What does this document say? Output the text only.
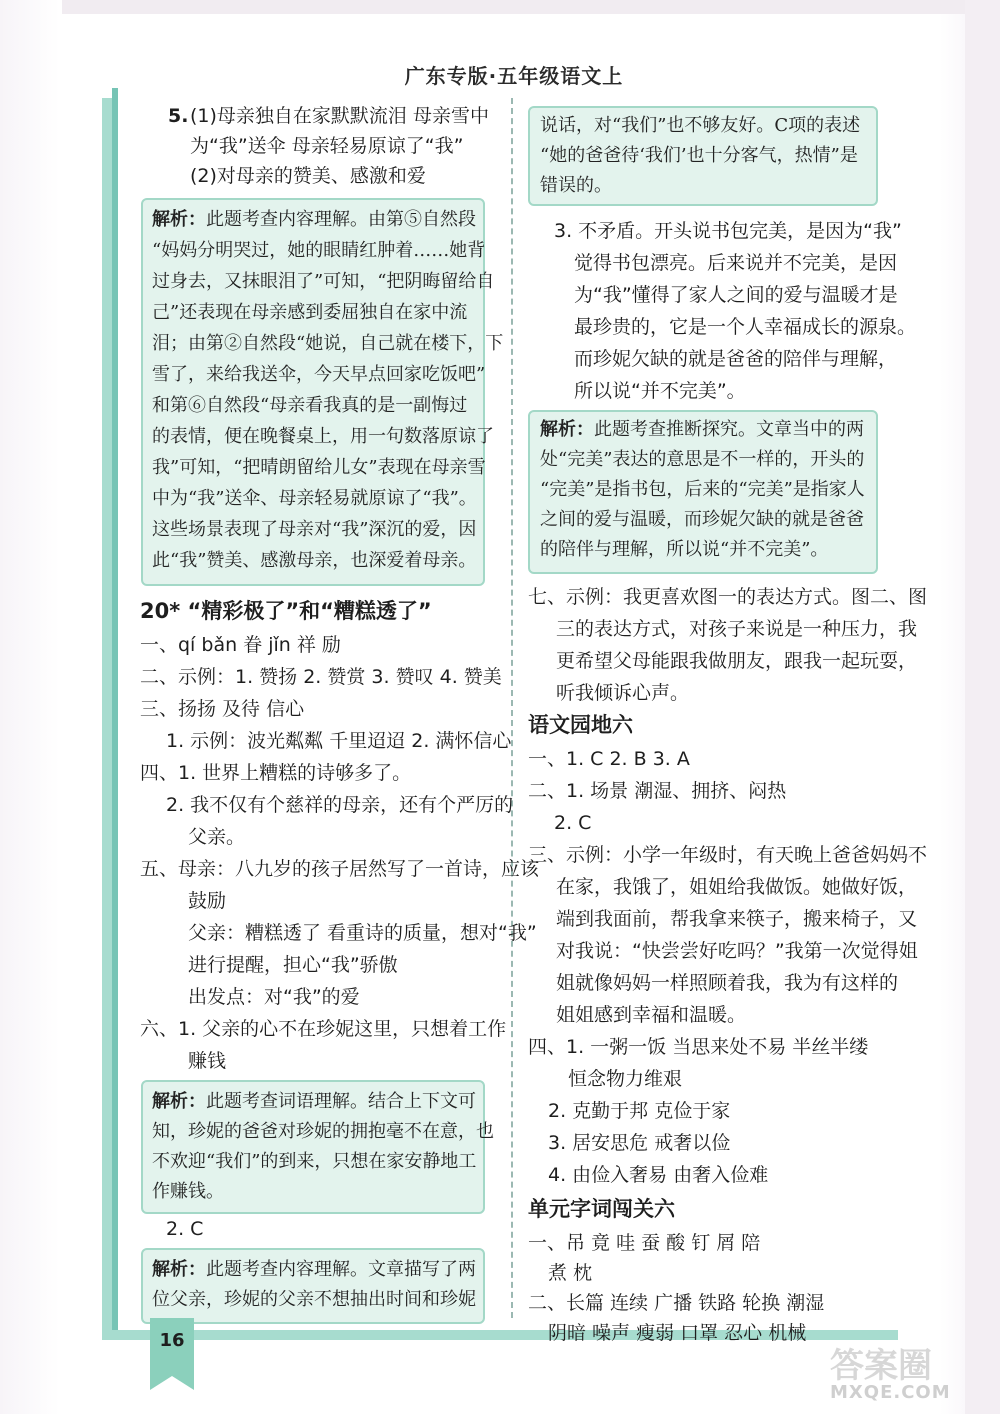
广东专版·五年级语文上
5. (1)母亲独自在家默默流泪 母亲雪中
为“我”送伞 母亲轻易原谅了“我”
(2)对母亲的赞美、感激和爱
解析：此题考查内容理解。由第⑤自然段
“妈妈分明哭过，她的眼睛红肿着……她背
过身去，又抹眼泪了”可知，“把阴晦留给自
己”还表现在母亲感到委屈独自在家中流
泪；由第②自然段“她说，自己就在楼下，下
雪了，来给我送伞，今天早点回家吃饭吧”
和第⑥自然段“母亲看我真的是一副悔过
的表情，便在晚餐桌上，用一句数落原谅了
我”可知，“把晴朗留给儿女”表现在母亲雪
中为“我”送伞、母亲轻易就原谅了“我”。
这些场景表现了母亲对“我”深沉的爱，因
此“我”赞美、感激母亲，也深爱着母亲。
20* “精彩极了”和“糟糕透了”
一、qí bǎn 眷 jǐn 祥 励
二、示例：1. 赞扬 2. 赞赏 3. 赞叹 4. 赞美
三、扬扬 及待 信心
1. 示例：波光粼粼 千里迢迢 2. 满怀信心
四、1. 世界上糟糕的诗够多了。
2. 我不仅有个慈祥的母亲，还有个严厉的
父亲。
五、母亲：八九岁的孩子居然写了一首诗，应该
鼓励
父亲：糟糕透了 看重诗的质量，想对“我”
进行提醒，担心“我”骄傲
出发点：对“我”的爱
六、1. 父亲的心不在珍妮这里，只想着工作
赚钱
解析：此题考查词语理解。结合上下文可
知，珍妮的爸爸对珍妮的拥抱毫不在意，也
不欢迎“我们”的到来，只想在家安静地工
作赚钱。
2. C
解析：此题考查内容理解。文章描写了两
位父亲，珍妮的父亲不想抽出时间和珍妮
说话，对“我们”也不够友好。C项的表述
“她的爸爸待‘我们’也十分客气，热情”是
错误的。
3. 不矛盾。开头说书包完美，是因为“我”
觉得书包漂亮。后来说并不完美，是因
为“我”懂得了家人之间的爱与温暖才是
最珍贵的，它是一个人幸福成长的源泉。
而珍妮欠缺的就是爸爸的陪伴与理解，
所以说“并不完美”。
解析：此题考查推断探究。文章当中的两
处“完美”表达的意思是不一样的，开头的
“完美”是指书包，后来的“完美”是指家人
之间的爱与温暖，而珍妮欠缺的就是爸爸
的陪伴与理解，所以说“并不完美”。
七、示例：我更喜欢图一的表达方式。图二、图
三的表达方式，对孩子来说是一种压力，我
更希望父母能跟我做朋友，跟我一起玩耍，
听我倾诉心声。
语文园地六
一、1. C 2. B 3. A
二、1. 场景 潮湿、拥挤、闷热
2. C
三、示例：小学一年级时，有天晚上爸爸妈妈不
在家，我饿了，姐姐给我做饭。她做好饭，
端到我面前，帮我拿来筷子，搬来椅子，又
对我说：“快尝尝好吃吗？”我第一次觉得姐
姐就像妈妈一样照顾着我，我为有这样的
姐姐感到幸福和温暖。
四、1. 一粥一饭 当思来处不易 半丝半缕
恒念物力维艰
2. 克勤于邦 克俭于家
3. 居安思危 戒奢以俭
4. 由俭入奢易 由奢入俭难
单元字词闯关六
一、吊 竟 哇 蚕 酸 钉 屑 陪
煮 枕
二、长篇 连续 广播 铁路 轮换 潮湿
阴暗 噪声 瘦弱 口罩 忍心 机械
16
答案圈
MXQE.COM
